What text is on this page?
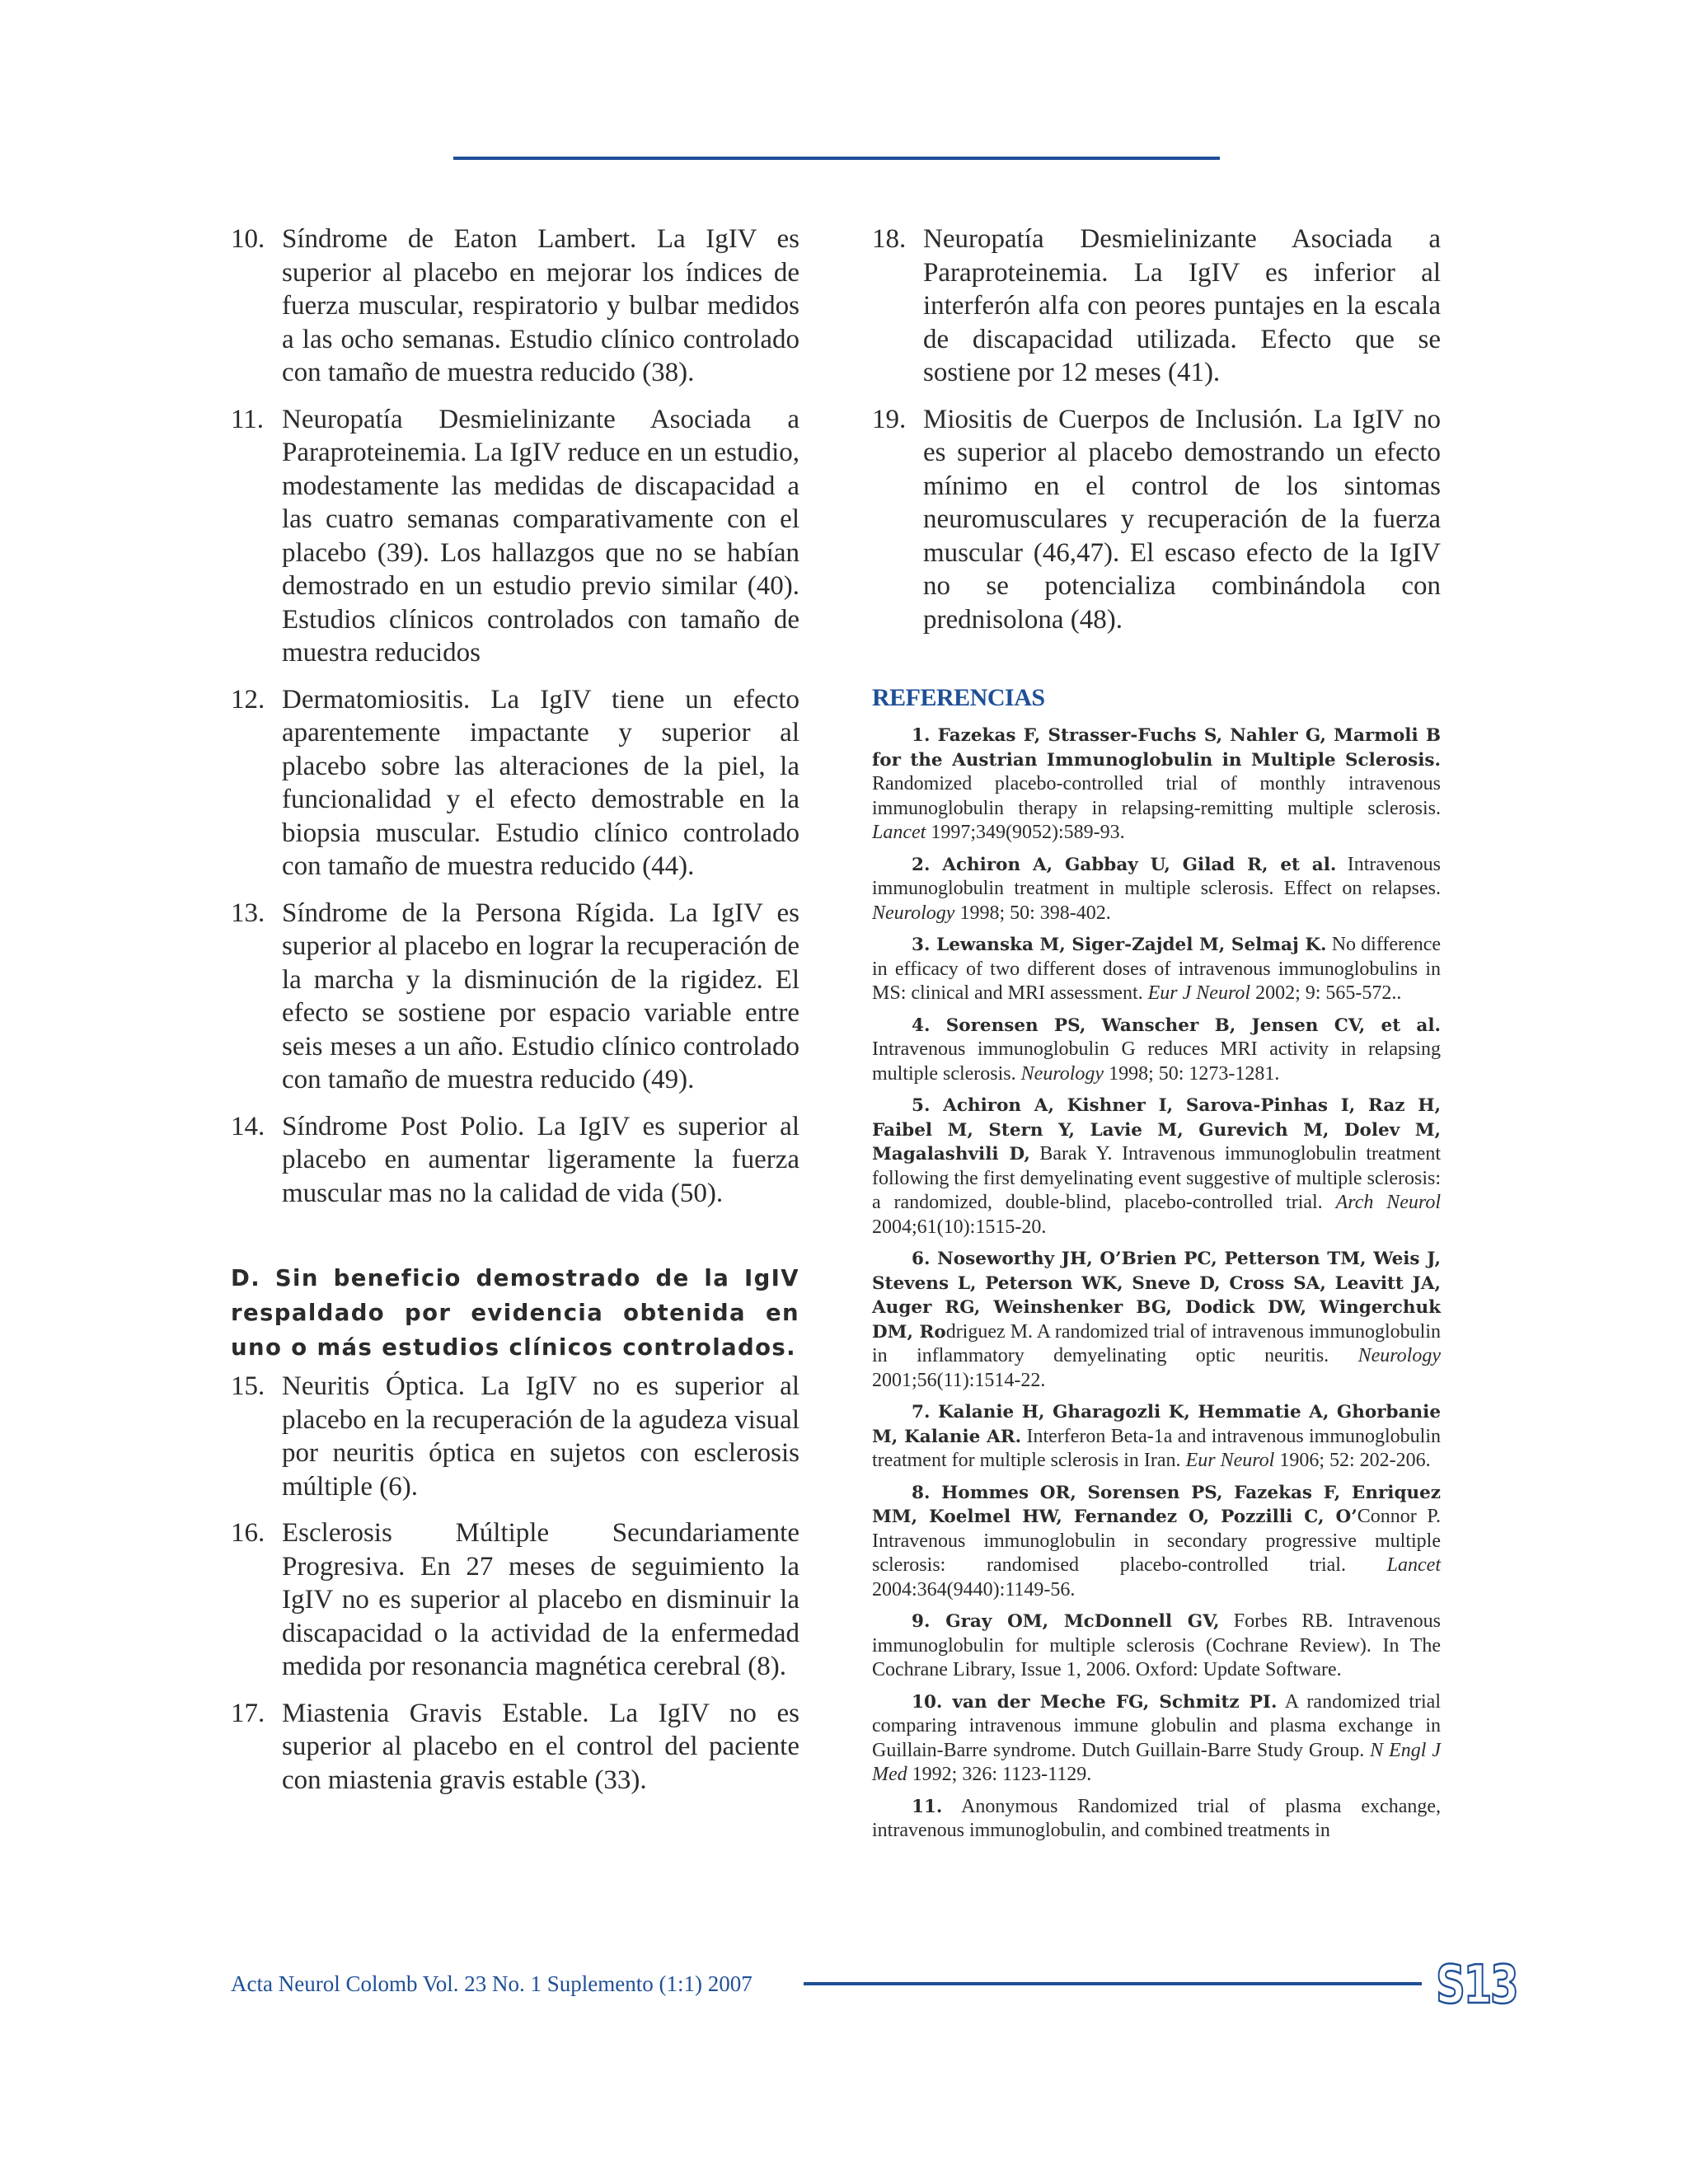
10. Síndrome de Eaton Lambert. La IgIV es superior al placebo en mejorar los índices de fuerza muscular, respiratorio y bulbar medidos a las ocho semanas. Estudio clínico controlado con tamaño de muestra reducido (38).
11. Neuropatía Desmielinizante Asociada a Paraproteinemia. La IgIV reduce en un estudio, modestamente las medidas de discapacidad a las cuatro semanas comparativamente con el placebo (39). Los hallazgos que no se habían demostrado en un estudio previo similar (40). Estudios clínicos controlados con tamaño de muestra reducidos
12. Dermatomiositis. La IgIV tiene un efecto aparentemente impactante y superior al placebo sobre las alteraciones de la piel, la funcionalidad y el efecto demostrable en la biopsia muscular. Estudio clínico controlado con tamaño de muestra reducido (44).
13. Síndrome de la Persona Rígida. La IgIV es superior al placebo en lograr la recuperación de la marcha y la disminución de la rigidez. El efecto se sostiene por espacio variable entre seis meses a un año. Estudio clínico controlado con tamaño de muestra reducido (49).
14. Síndrome Post Polio. La IgIV es superior al placebo en aumentar ligeramente la fuerza muscular mas no la calidad de vida (50).
D. Sin beneficio demostrado de la IgIV respaldado por evidencia obtenida en uno o más estudios clínicos controlados.
15. Neuritis Óptica. La IgIV no es superior al placebo en la recuperación de la agudeza visual por neuritis óptica en sujetos con esclerosis múltiple (6).
16. Esclerosis Múltiple Secundariamente Progresiva. En 27 meses de seguimiento la IgIV no es superior al placebo en disminuir la discapacidad o la actividad de la enfermedad medida por resonancia magnética cerebral (8).
17. Miastenia Gravis Estable. La IgIV no es superior al placebo en el control del paciente con miastenia gravis estable (33).
18. Neuropatía Desmielinizante Asociada a Paraproteinemia. La IgIV es inferior al interferón alfa con peores puntajes en la escala de discapacidad utilizada. Efecto que se sostiene por 12 meses (41).
19. Miositis de Cuerpos de Inclusión. La IgIV no es superior al placebo demostrando un efecto mínimo en el control de los sintomas neuromusculares y recuperación de la fuerza muscular (46,47). El escaso efecto de la IgIV no se potencializa combinándola con prednisolona (48).
REFERENCIAS

1. Fazekas F, Strasser-Fuchs S, Nahler G, Marmoli B for the Austrian Immunoglobulin in Multiple Sclerosis. Randomized placebo-controlled trial of monthly intravenous immunoglobulin therapy in relapsing-remitting multiple sclerosis. Lancet 1997;349(9052):589-93.

2. Achiron A, Gabbay U, Gilad R, et al. Intravenous immunoglobulin treatment in multiple sclerosis. Effect on relapses. Neurology 1998; 50: 398-402.

3. Lewanska M, Siger-Zajdel M, Selmaj K. No difference in efficacy of two different doses of intravenous immunoglobulins in MS: clinical and MRI assessment. Eur J Neurol 2002; 9: 565-572..

4. Sorensen PS, Wanscher B, Jensen CV, et al. Intravenous immunoglobulin G reduces MRI activity in relapsing multiple sclerosis. Neurology 1998; 50: 1273-1281.

5. Achiron A, Kishner I, Sarova-Pinhas I, Raz H, Faibel M, Stern Y, Lavie M, Gurevich M, Dolev M, Magalashvili D, Barak Y. Intravenous immunoglobulin treatment following the first demyelinating event suggestive of multiple sclerosis: a randomized, double-blind, placebo-controlled trial. Arch Neurol 2004;61(10):1515-20.

6. Noseworthy JH, O’Brien PC, Petterson TM, Weis J, Stevens L, Peterson WK, Sneve D, Cross SA, Leavitt JA, Auger RG, Weinshenker BG, Dodick DW, Wingerchuk DM, Rodriguez M. A randomized trial of intravenous immunoglobulin in inflammatory demyelinating optic neuritis. Neurology 2001;56(11):1514-22.

7. Kalanie H, Gharagozli K, Hemmatie A, Ghorbanie M, Kalanie AR. Interferon Beta-1a and intravenous immunoglobulin treatment for multiple sclerosis in Iran. Eur Neurol 1906; 52: 202-206.

8. Hommes OR, Sorensen PS, Fazekas F, Enriquez MM, Koelmel HW, Fernandez O, Pozzilli C, O’Connor P. Intravenous immunoglobulin in secondary progressive multiple sclerosis: randomised placebo-controlled trial. Lancet 2004:364(9440):1149-56.

9. Gray OM, McDonnell GV, Forbes RB. Intravenous immunoglobulin for multiple sclerosis (Cochrane Review). In The Cochrane Library, Issue 1, 2006. Oxford: Update Software.

10. van der Meche FG, Schmitz PI. A randomized trial comparing intravenous immune globulin and plasma exchange in Guillain-Barre syndrome. Dutch Guillain-Barre Study Group. N Engl J Med 1992; 326: 1123-1129.

11. Anonymous Randomized trial of plasma exchange, intravenous immunoglobulin, and combined treatments in

Acta Neurol Colomb Vol. 23 No. 1 Suplemento (1:1) 2007	S13
